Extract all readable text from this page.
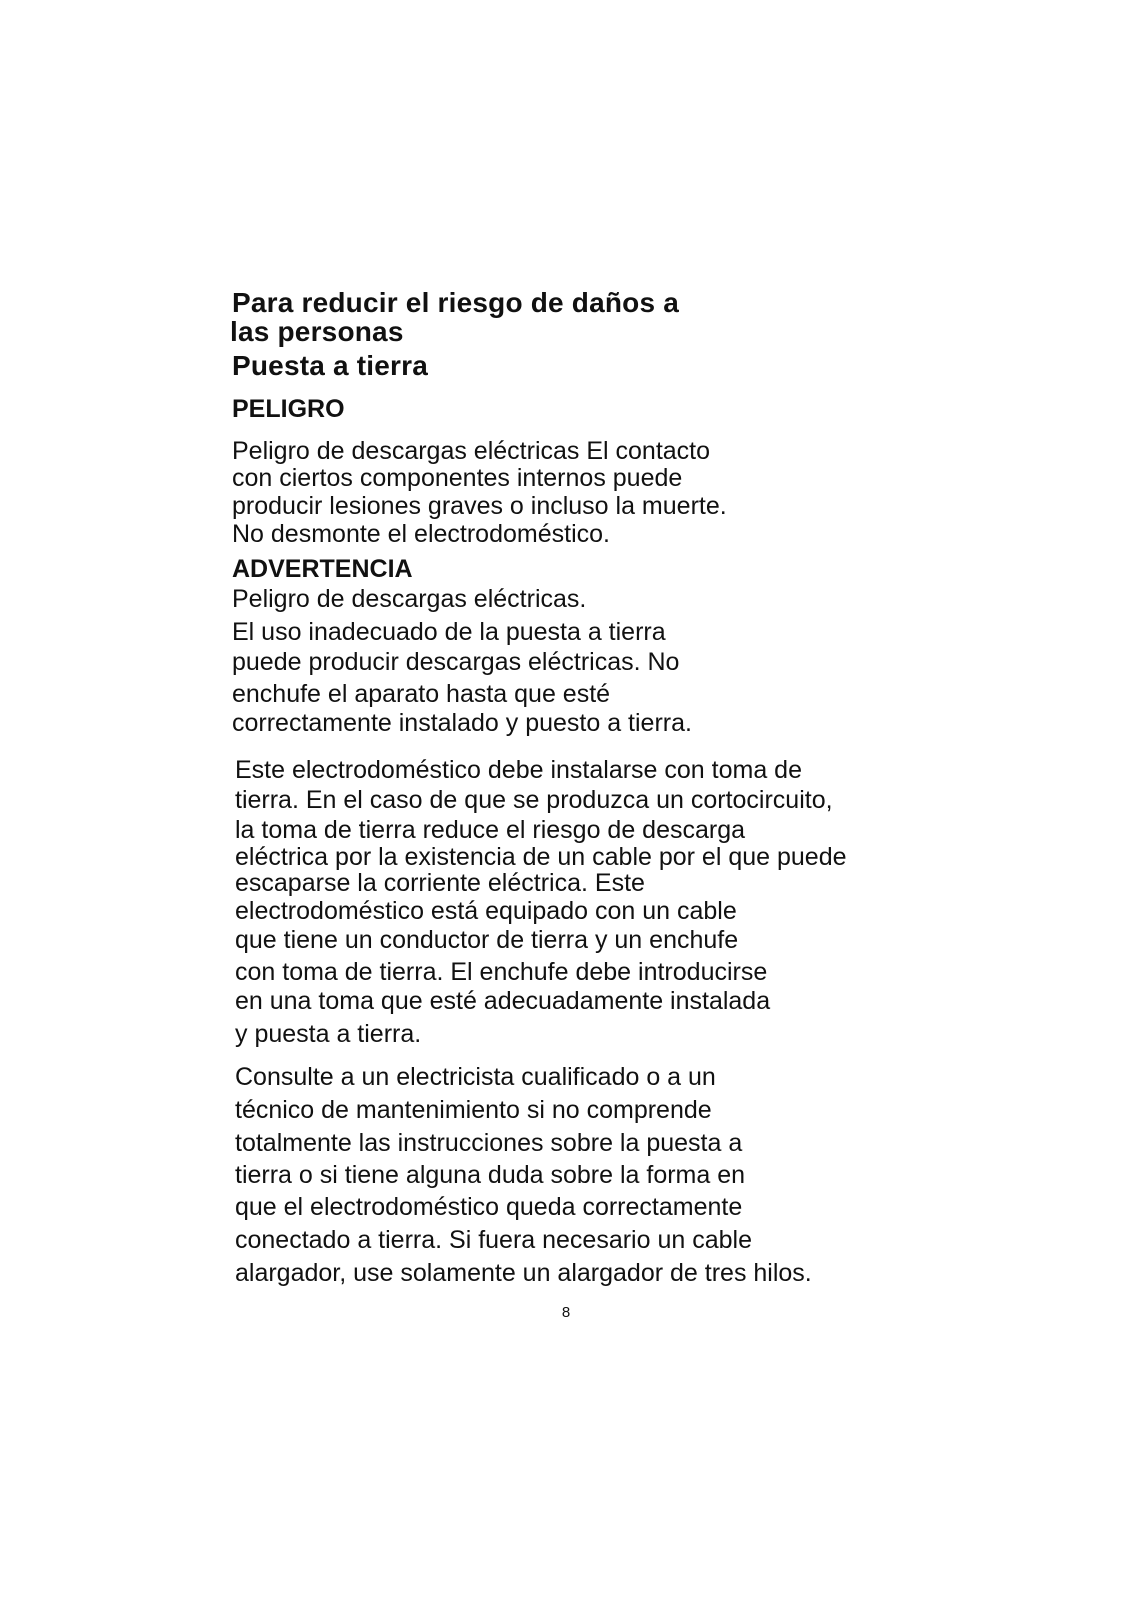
Para reducir el riesgo de daños a
las personas
Puesta a tierra
PELIGRO
Peligro de descargas eléctricas El contacto
con ciertos componentes internos puede
producir lesiones graves o incluso la muerte.
No desmonte el electrodoméstico.
ADVERTENCIA
Peligro de descargas eléctricas.
El uso inadecuado de la puesta a tierra
puede producir descargas eléctricas. No
enchufe el aparato hasta que esté
correctamente instalado y puesto a tierra.
Este electrodoméstico debe instalarse con toma de
tierra. En el caso de que se produzca un cortocircuito,
la toma de tierra reduce el riesgo de descarga
eléctrica por la existencia de un cable por el que puede
escaparse la corriente eléctrica. Este
electrodoméstico está equipado con un cable
que tiene un conductor de tierra y un enchufe
con toma de tierra. El enchufe debe introducirse
en una toma que esté adecuadamente instalada
y puesta a tierra.
Consulte a un electricista cualificado o a un
técnico de mantenimiento si no comprende
totalmente las instrucciones sobre la puesta a
tierra o si tiene alguna duda sobre la forma en
que el electrodoméstico queda correctamente
conectado a tierra. Si fuera necesario un cable
alargador, use solamente un alargador de tres hilos.
8
